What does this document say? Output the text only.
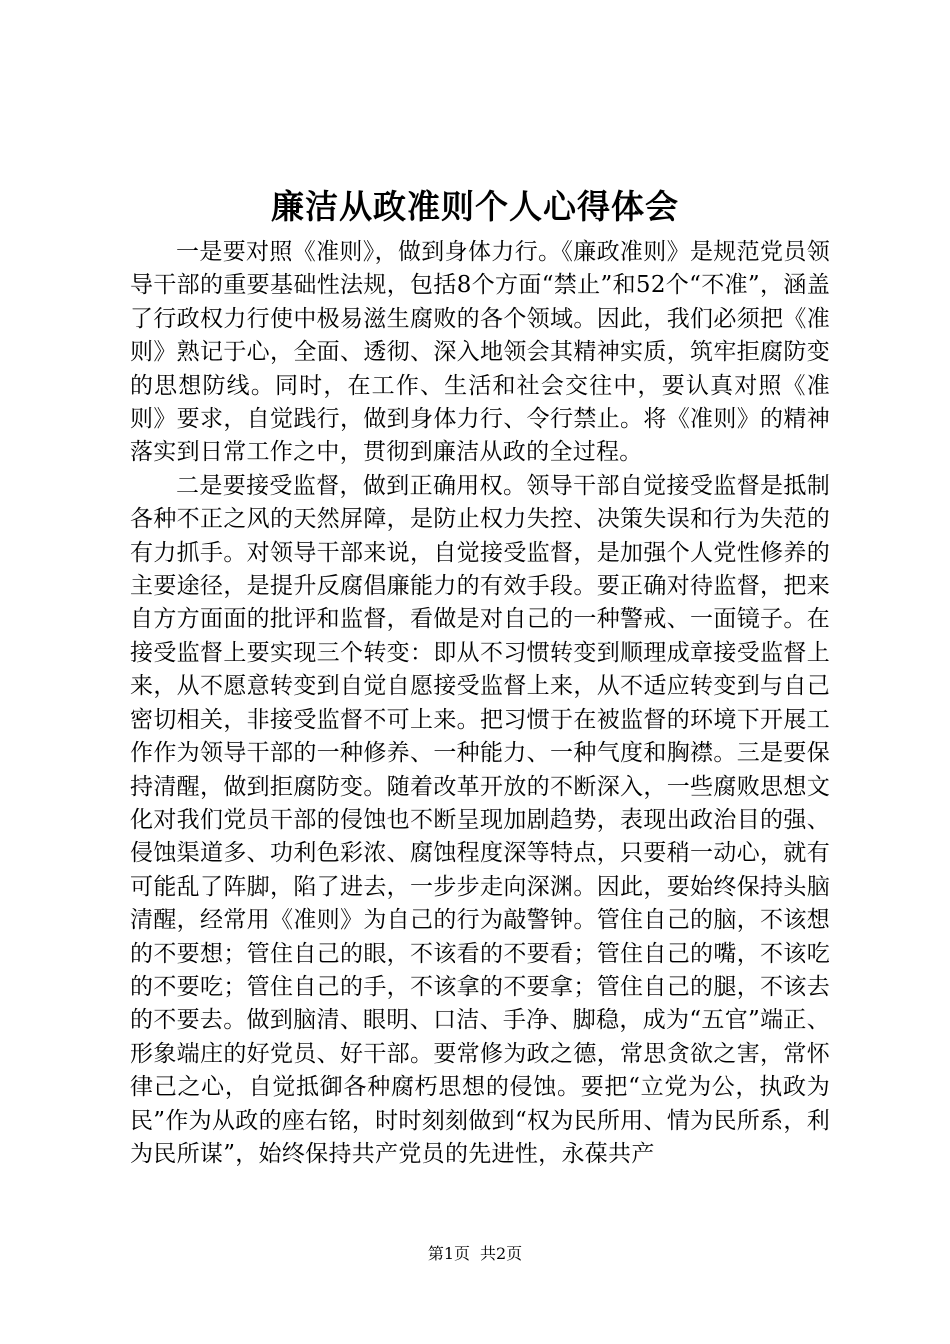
廉洁从政准则个人心得体会

一是要对照《准则》，做到身体力行。《廉政准则》是规范党员领导干部的重要基础性法规，包括8个方面“禁止”和52个“不准”，涵盖了行政权力行使中极易滋生腐败的各个领域。因此，我们必须把《准则》熟记于心，全面、透彻、深入地领会其精神实质，筑牢拒腐防变的思想防线。同时，在工作、生活和社会交往中，要认真对照《准则》要求，自觉践行，做到身体力行、令行禁止。将《准则》的精神落实到日常工作之中，贯彻到廉洁从政的全过程。

二是要接受监督，做到正确用权。领导干部自觉接受监督是抵制各种不正之风的天然屏障，是防止权力失控、决策失误和行为失范的有力抓手。对领导干部来说，自觉接受监督，是加强个人党性修养的主要途径，是提升反腐倡廉能力的有效手段。要正确对待监督，把来自方方面面的批评和监督，看做是对自己的一种警戒、一面镜子。在接受监督上要实现三个转变：即从不习惯转变到顺理成章接受监督上来，从不愿意转变到自觉自愿接受监督上来，从不适应转变到与自己密切相关，非接受监督不可上来。把习惯于在被监督的环境下开展工作作为领导干部的一种修养、一种能力、一种气度和胸襟。三是要保持清醒，做到拒腐防变。随着改革开放的不断深入，一些腐败思想文化对我们党员干部的侵蚀也不断呈现加剧趋势，表现出政治目的强、侵蚀渠道多、功利色彩浓、腐蚀程度深等特点，只要稍一动心，就有可能乱了阵脚，陷了进去，一步步走向深渊。因此，要始终保持头脑清醒，经常用《准则》为自己的行为敲警钟。管住自己的脑，不该想的不要想；管住自己的眼，不该看的不要看；管住自己的嘴，不该吃的不要吃；管住自己的手，不该拿的不要拿；管住自己的腿，不该去的不要去。做到脑清、眼明、口洁、手净、脚稳，成为“五官”端正、形象端庄的好党员、好干部。要常修为政之德，常思贪欲之害，常怀律己之心，自觉抵御各种腐朽思想的侵蚀。要把“立党为公，执政为民”作为从政的座右铭，时时刻刻做到“权为民所用、情为民所系，利为民所谋”，始终保持共产党员的先进性，永葆共产

第1页 共2页
